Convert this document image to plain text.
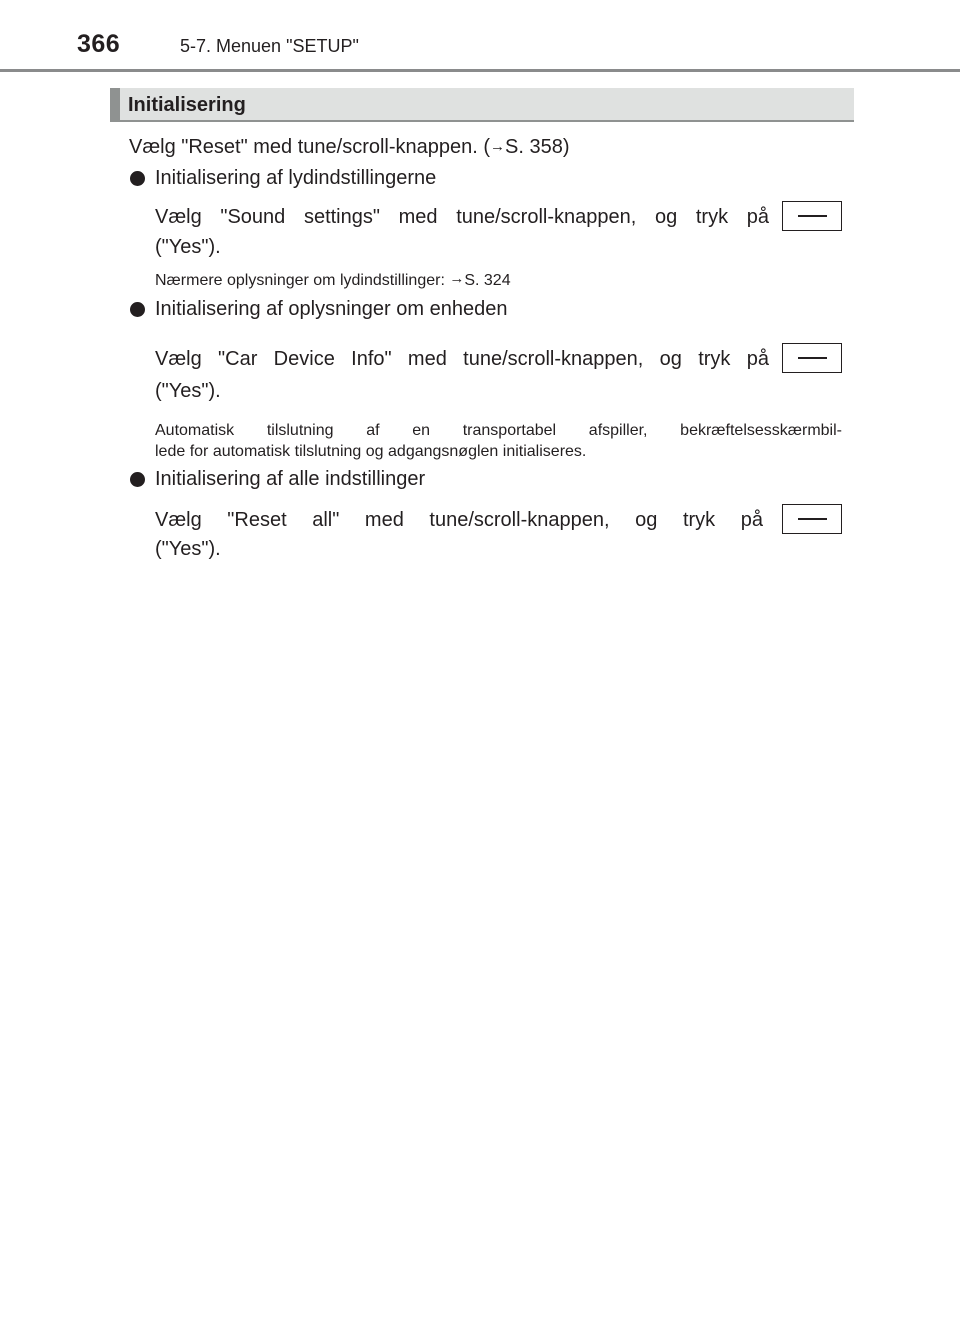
366	5-7. Menuen "SETUP"
Initialisering
Vælg "Reset" med tune/scroll-knappen. (→S. 358)
Initialisering af lydindstillingerne
Vælg "Sound settings" med tune/scroll-knappen, og tryk på
("Yes").
Nærmere oplysninger om lydindstillinger: →S. 324
Initialisering af oplysninger om enheden
Vælg "Car Device Info" med tune/scroll-knappen, og tryk på
("Yes").
Automatisk tilslutning af en transportabel afspiller, bekræftelsesskærmbil-
lede for automatisk tilslutning og adgangsnøglen initialiseres.
Initialisering af alle indstillinger
Vælg "Reset all" med tune/scroll-knappen, og tryk på
("Yes").
